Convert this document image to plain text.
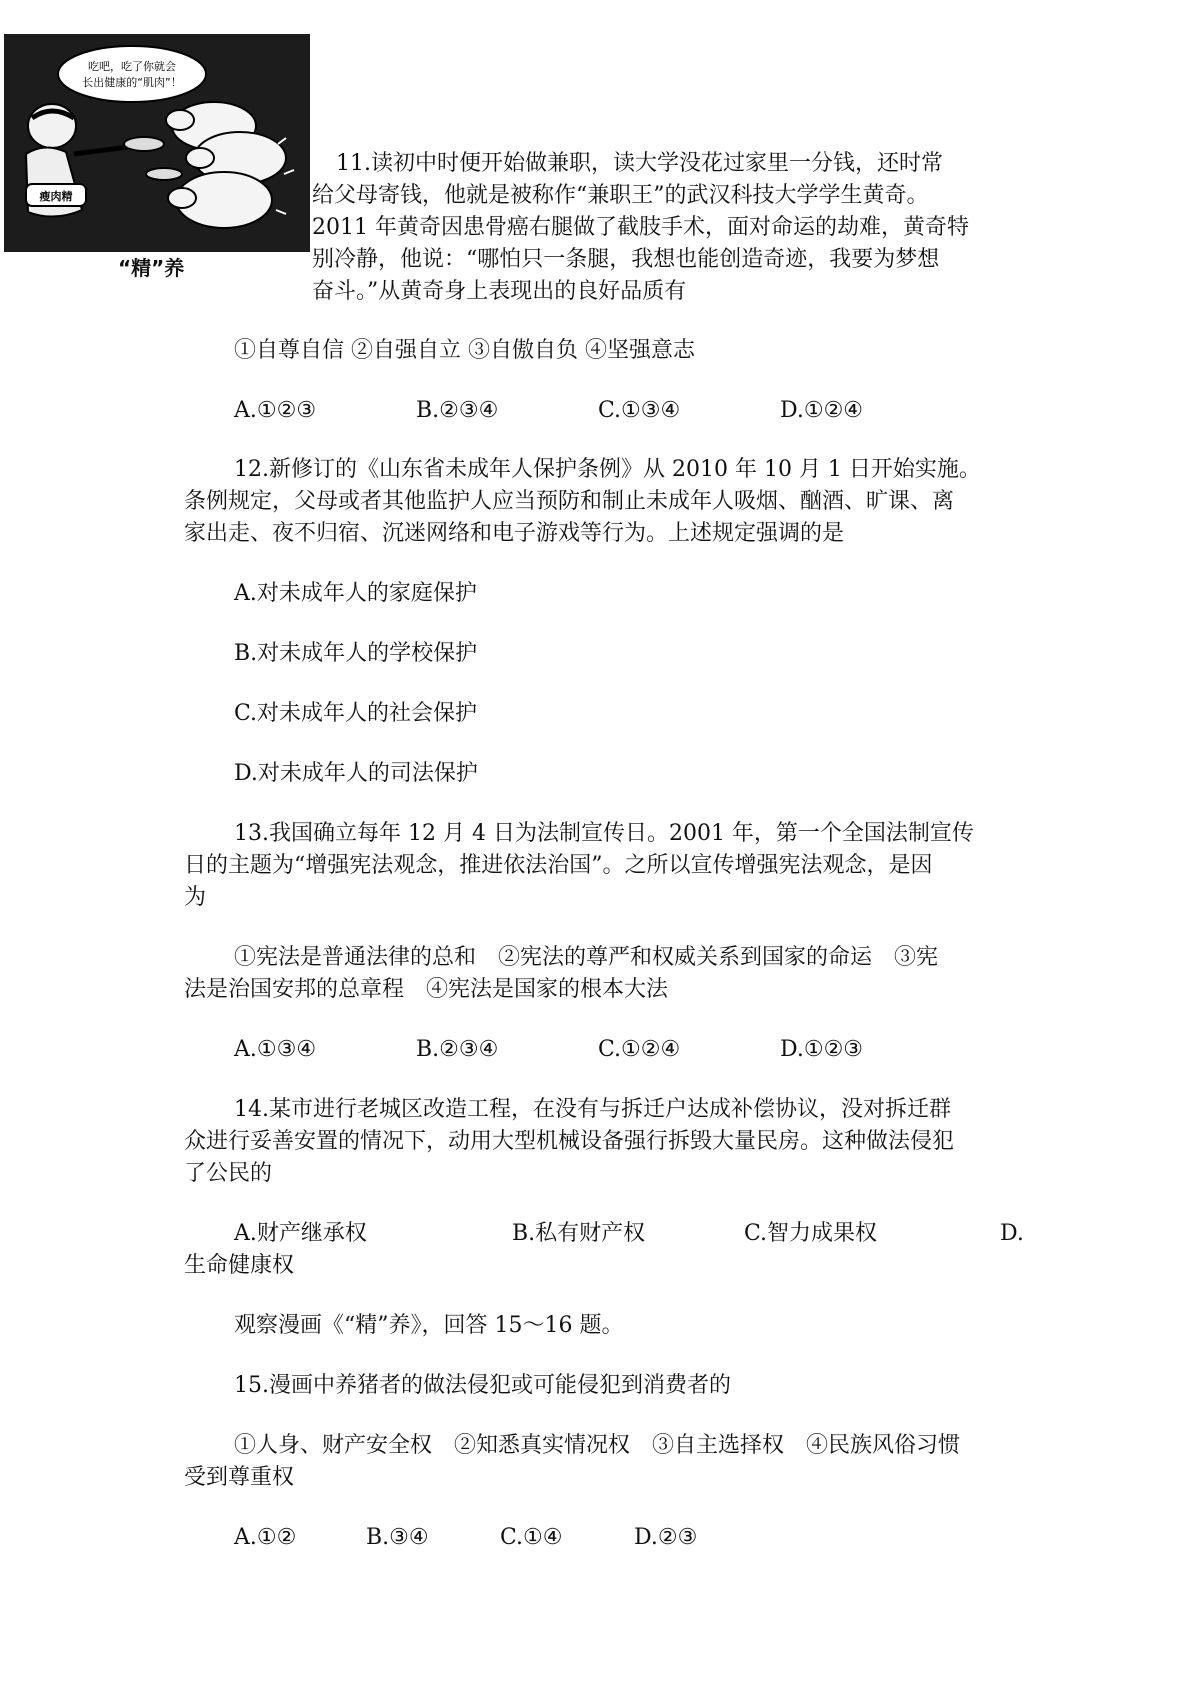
吃吧，吃了你就会
长出健康的“肌肉”！
瘦肉精
“精”养
11.读初中时便开始做兼职，读大学没花过家里一分钱，还时常
给父母寄钱，他就是被称作“兼职王”的武汉科技大学学生黄奇。
2011 年黄奇因患骨癌右腿做了截肢手术，面对命运的劫难，黄奇特
别冷静，他说：“哪怕只一条腿，我想也能创造奇迹，我要为梦想
奋斗。”从黄奇身上表现出的良好品质有
①自尊自信 ②自强自立 ③自傲自负 ④坚强意志
A.①②③	B.②③④	C.①③④	D.①②④
12.新修订的《山东省未成年人保护条例》从 2010 年 10 月 1 日开始实施。
条例规定，父母或者其他监护人应当预防和制止未成年人吸烟、酗酒、旷课、离
家出走、夜不归宿、沉迷网络和电子游戏等行为。上述规定强调的是
A.对未成年人的家庭保护
B.对未成年人的学校保护
C.对未成年人的社会保护
D.对未成年人的司法保护
13.我国确立每年 12 月 4 日为法制宣传日。2001 年，第一个全国法制宣传
日的主题为“增强宪法观念，推进依法治国”。之所以宣传增强宪法观念，是因
为
①宪法是普通法律的总和　②宪法的尊严和权威关系到国家的命运　③宪
法是治国安邦的总章程　④宪法是国家的根本大法
A.①③④	B.②③④	C.①②④	D.①②③
14.某市进行老城区改造工程，在没有与拆迁户达成补偿协议，没对拆迁群
众进行妥善安置的情况下，动用大型机械设备强行拆毁大量民房。这种做法侵犯
了公民的
A.财产继承权	B.私有财产权	C.智力成果权	D.
生命健康权
观察漫画《“精”养》，回答 15～16 题。
15.漫画中养猪者的做法侵犯或可能侵犯到消费者的
①人身、财产安全权　②知悉真实情况权　③自主选择权　④民族风俗习惯
受到尊重权
A.①②	B.③④	C.①④	D.②③
